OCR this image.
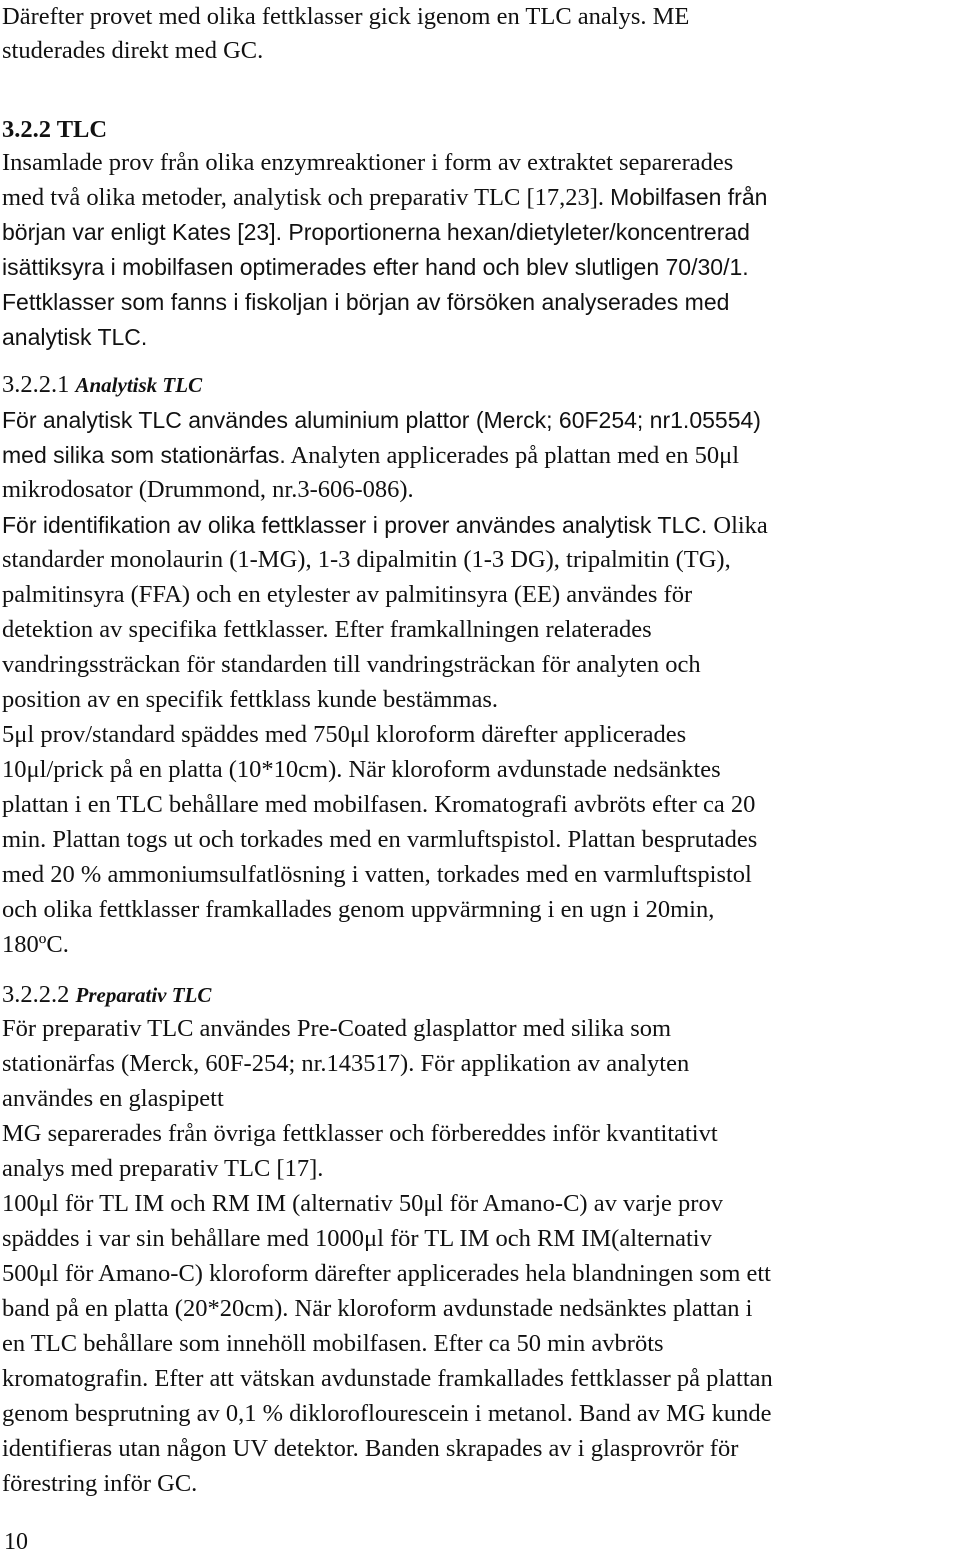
Därefter provet med olika fettklasser gick igenom en TLC analys. ME
studerades direkt med GC.
3.2.2 TLC
Insamlade prov från olika enzymreaktioner i form av extraktet separerades
med två olika metoder, analytisk och preparativ TLC [17,23]. Mobilfasen från
början var enligt Kates [23]. Proportionerna hexan/dietyleter/koncentrerad
isättiksyra i mobilfasen optimerades efter hand och blev slutligen 70/30/1.
Fettklasser som fanns i fiskoljan i början av försöken analyserades med
analytisk TLC.
3.2.2.1 Analytisk TLC
För analytisk TLC användes aluminium plattor (Merck; 60F254; nr1.05554)
med silika som stationärfas. Analyten applicerades på plattan med en 50μl
mikrodosator (Drummond, nr.3-606-086).
För identifikation av olika fettklasser i prover användes analytisk TLC. Olika
standarder monolaurin (1-MG), 1-3 dipalmitin (1-3 DG), tripalmitin (TG),
palmitinsyra (FFA) och en etylester av palmitinsyra (EE) användes för
detektion av specifika fettklasser. Efter framkallningen relaterades
vandringssträckan för standarden till vandringsträckan för analyten och
position av en specifik fettklass kunde bestämmas.
5μl prov/standard späddes med 750μl kloroform därefter applicerades
10μl/prick på en platta (10*10cm). När kloroform avdunstade nedsänktes
plattan i en TLC behållare med mobilfasen. Kromatografi avbröts efter ca 20
min. Plattan togs ut och torkades med en varmluftspistol. Plattan besprutades
med 20 % ammoniumsulfatlösning i vatten, torkades med en varmluftspistol
och olika fettklasser framkallades genom uppvärmning i en ugn i 20min,
180ºC.
3.2.2.2 Preparativ TLC
För preparativ TLC användes Pre-Coated glasplattor med silika som
stationärfas (Merck, 60F-254; nr.143517). För applikation av analyten
användes en glaspipett
MG separerades från övriga fettklasser och förbereddes inför kvantitativt
analys med preparativ TLC [17].
100μl för TL IM och RM IM (alternativ 50μl för Amano-C) av varje prov
späddes i var sin behållare med 1000μl för TL IM och RM IM(alternativ
500μl för Amano-C) kloroform därefter applicerades hela blandningen som ett
band på en platta (20*20cm). När kloroform avdunstade nedsänktes plattan i
en TLC behållare som innehöll mobilfasen. Efter ca 50 min avbröts
kromatografin. Efter att vätskan avdunstade framkallades fettklasser på plattan
genom besprutning av 0,1 % dikloroflourescein i metanol. Band av MG kunde
identifieras utan någon UV detektor. Banden skrapades av i glasprovrör för
förestring inför GC.
10
